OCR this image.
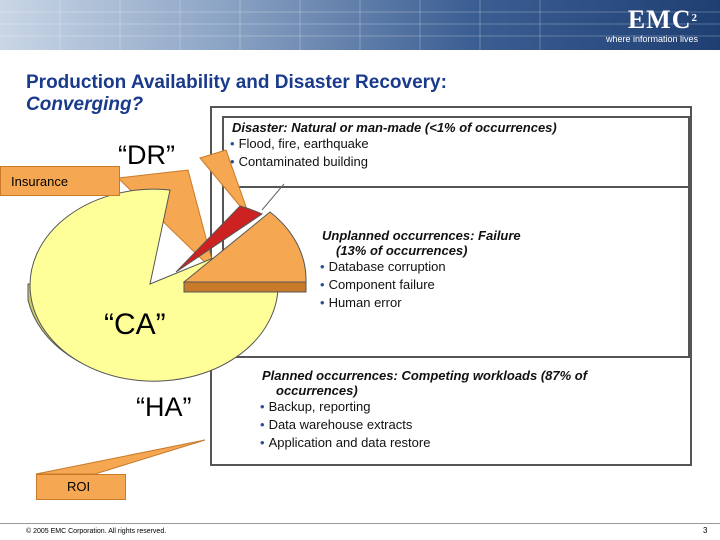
EMC$^2$
where information lives
Production Availability and Disaster Recovery:
Converging?
Disaster: Natural or man-made (<1% of occurrences)
• Flood, fire, earthquake
• Contaminated building
Unplanned occurrences: Failure
(13% of occurrences)
• Database corruption
• Component failure
• Human error
Planned occurrences: Competing workloads (87% of
occurrences)
• Backup, reporting
• Data warehouse extracts
• Application and data restore
Insurance
ROI
“DR”
“CA”
“HA”
© 2005 EMC Corporation. All rights reserved.	3
